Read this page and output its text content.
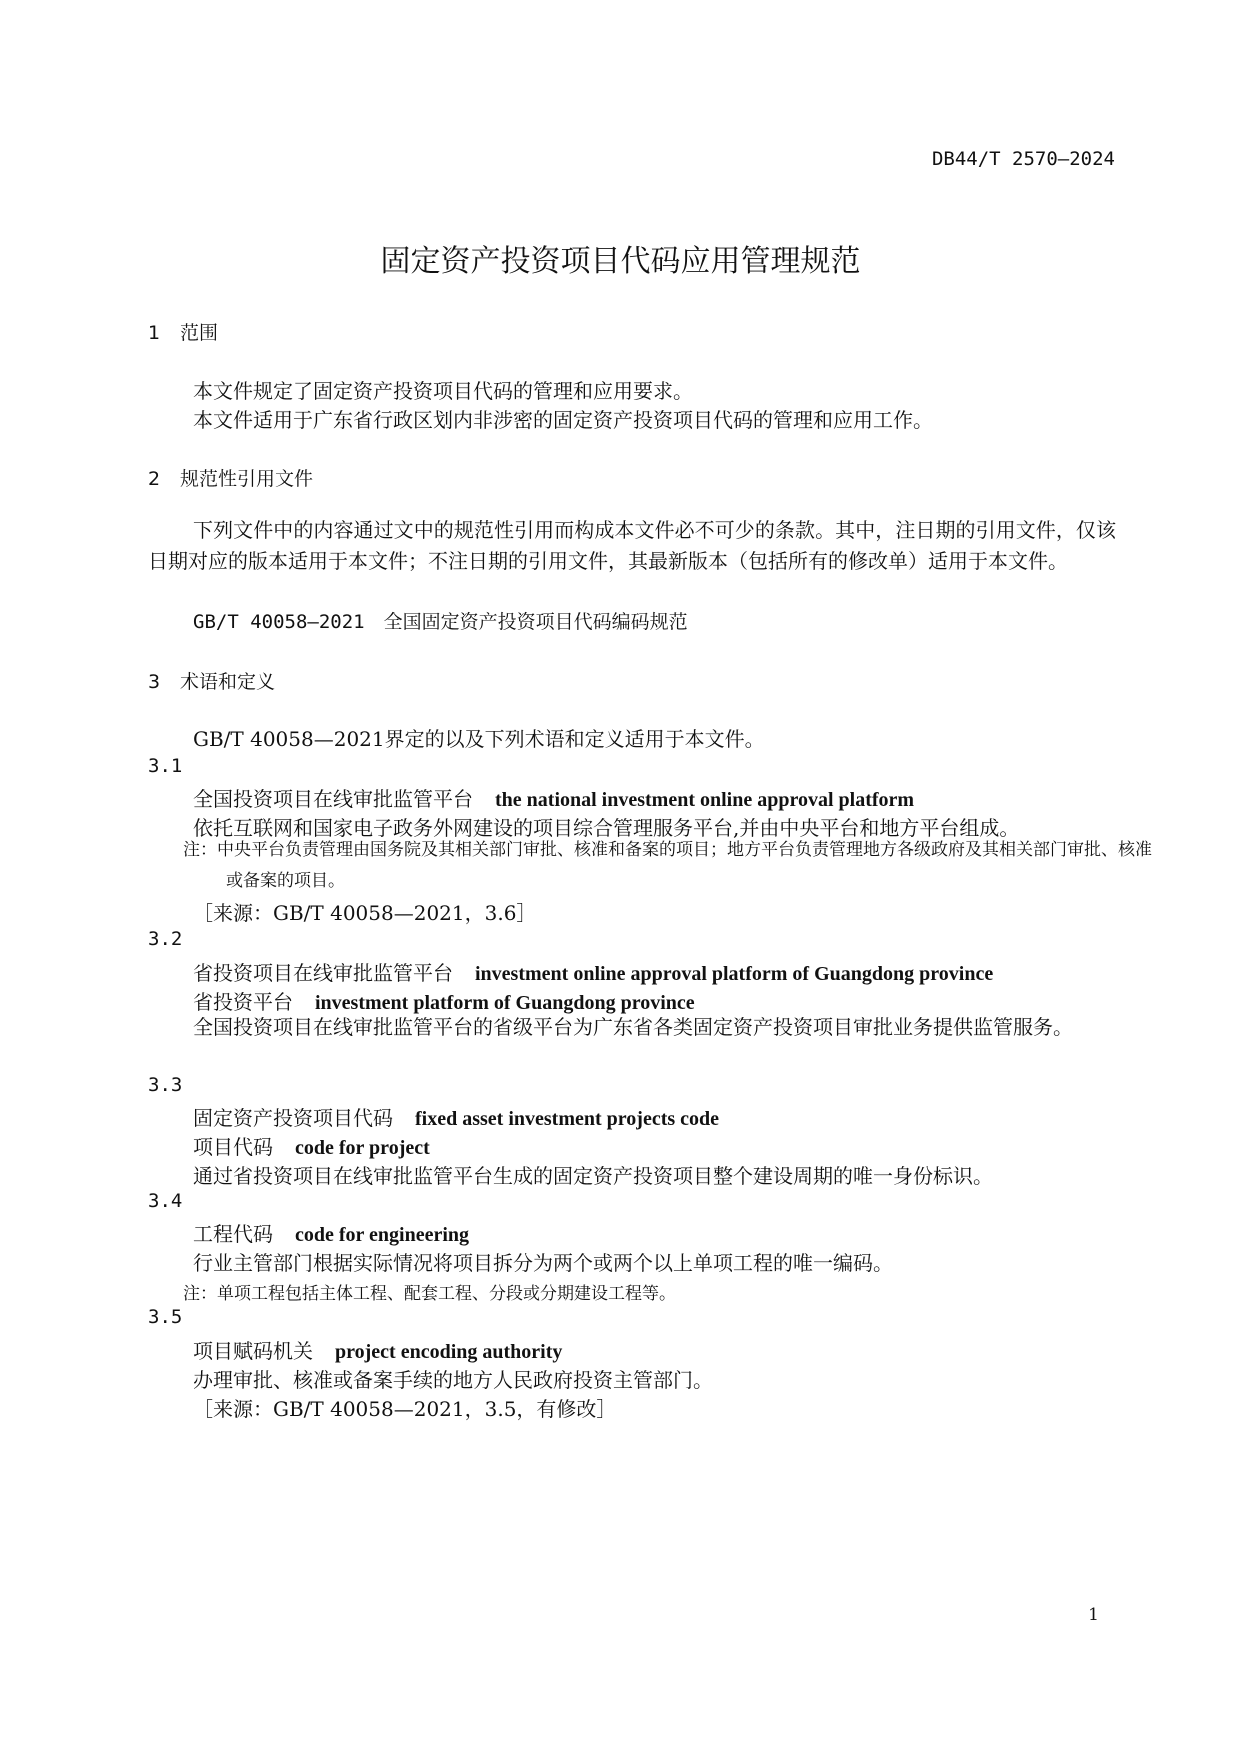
DB44/T 2570—2024
固定资产投资项目代码应用管理规范
1 范围
本文件规定了固定资产投资项目代码的管理和应用要求。
本文件适用于广东省行政区划内非涉密的固定资产投资项目代码的管理和应用工作。
2 规范性引用文件
下列文件中的内容通过文中的规范性引用而构成本文件必不可少的条款。其中，注日期的引用文件，仅该日期对应的版本适用于本文件；不注日期的引用文件，其最新版本（包括所有的修改单）适用于本文件。
GB/T 40058—2021　全国固定资产投资项目代码编码规范
3 术语和定义
GB/T 40058—2021界定的以及下列术语和定义适用于本文件。
3.1
全国投资项目在线审批监管平台 the national investment online approval platform
依托互联网和国家电子政务外网建设的项目综合管理服务平台,并由中央平台和地方平台组成。
注：中央平台负责管理由国务院及其相关部门审批、核准和备案的项目；地方平台负责管理地方各级政府及其相关部门审批、核准或备案的项目。
［来源：GB/T 40058—2021，3.6］
3.2
省投资项目在线审批监管平台 investment online approval platform of Guangdong province
省投资平台 investment platform of Guangdong province
全国投资项目在线审批监管平台的省级平台为广东省各类固定资产投资项目审批业务提供监管服务。
3.3
固定资产投资项目代码 fixed asset investment projects code
项目代码 code for project
通过省投资项目在线审批监管平台生成的固定资产投资项目整个建设周期的唯一身份标识。
3.4
工程代码 code for engineering
行业主管部门根据实际情况将项目拆分为两个或两个以上单项工程的唯一编码。
注：单项工程包括主体工程、配套工程、分段或分期建设工程等。
3.5
项目赋码机关 project encoding authority
办理审批、核准或备案手续的地方人民政府投资主管部门。
［来源：GB/T 40058—2021，3.5，有修改］
1
